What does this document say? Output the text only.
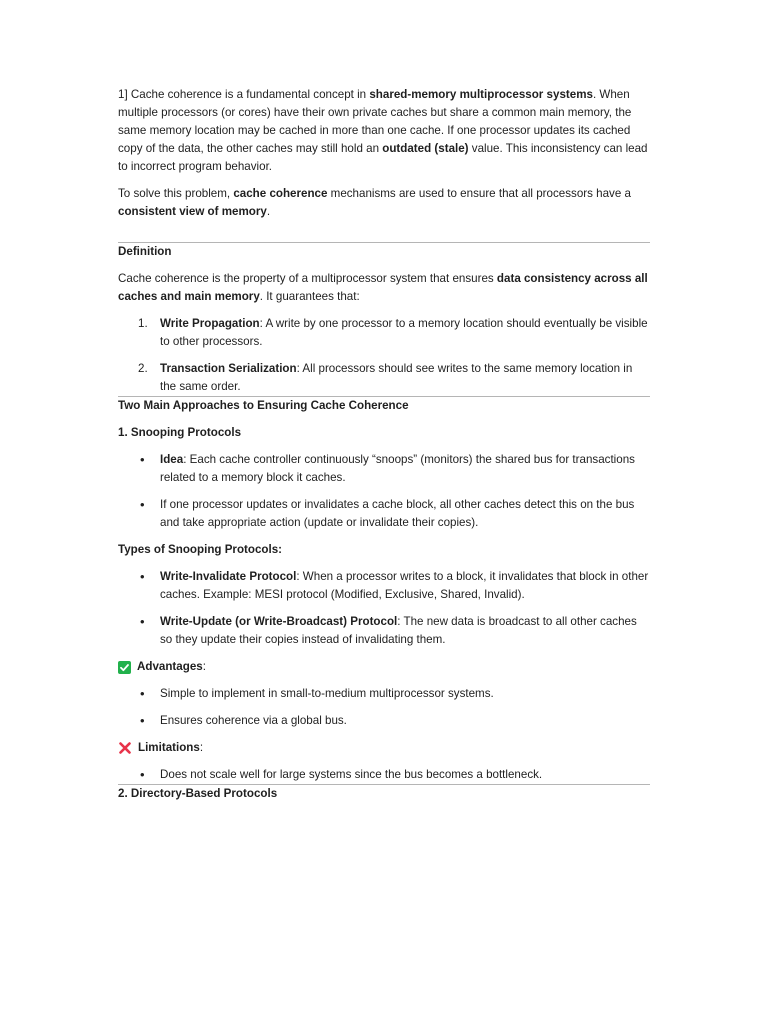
1] Cache coherence is a fundamental concept in shared-memory multiprocessor systems. When multiple processors (or cores) have their own private caches but share a common main memory, the same memory location may be cached in more than one cache. If one processor updates its cached copy of the data, the other caches may still hold an outdated (stale) value. This inconsistency can lead to incorrect program behavior.

To solve this problem, cache coherence mechanisms are used to ensure that all processors have a consistent view of memory.

Definition

Cache coherence is the property of a multiprocessor system that ensures data consistency across all caches and main memory. It guarantees that:

1. Write Propagation: A write by one processor to a memory location should eventually be visible to other processors.
2. Transaction Serialization: All processors should see writes to the same memory location in the same order.

Two Main Approaches to Ensuring Cache Coherence

1. Snooping Protocols

• Idea: Each cache controller continuously “snoops” (monitors) the shared bus for transactions related to a memory block it caches.
• If one processor updates or invalidates a cache block, all other caches detect this on the bus and take appropriate action (update or invalidate their copies).

Types of Snooping Protocols:

• Write-Invalidate Protocol: When a processor writes to a block, it invalidates that block in other caches. Example: MESI protocol (Modified, Exclusive, Shared, Invalid).
• Write-Update (or Write-Broadcast) Protocol: The new data is broadcast to all other caches so they update their copies instead of invalidating them.
Advantages :
• Simple to implement in small-to-medium multiprocessor systems.
• Ensures coherence via a global bus.
Limitations :
• Does not scale well for large systems since the bus becomes a bottleneck.

2. Directory-Based Protocols
